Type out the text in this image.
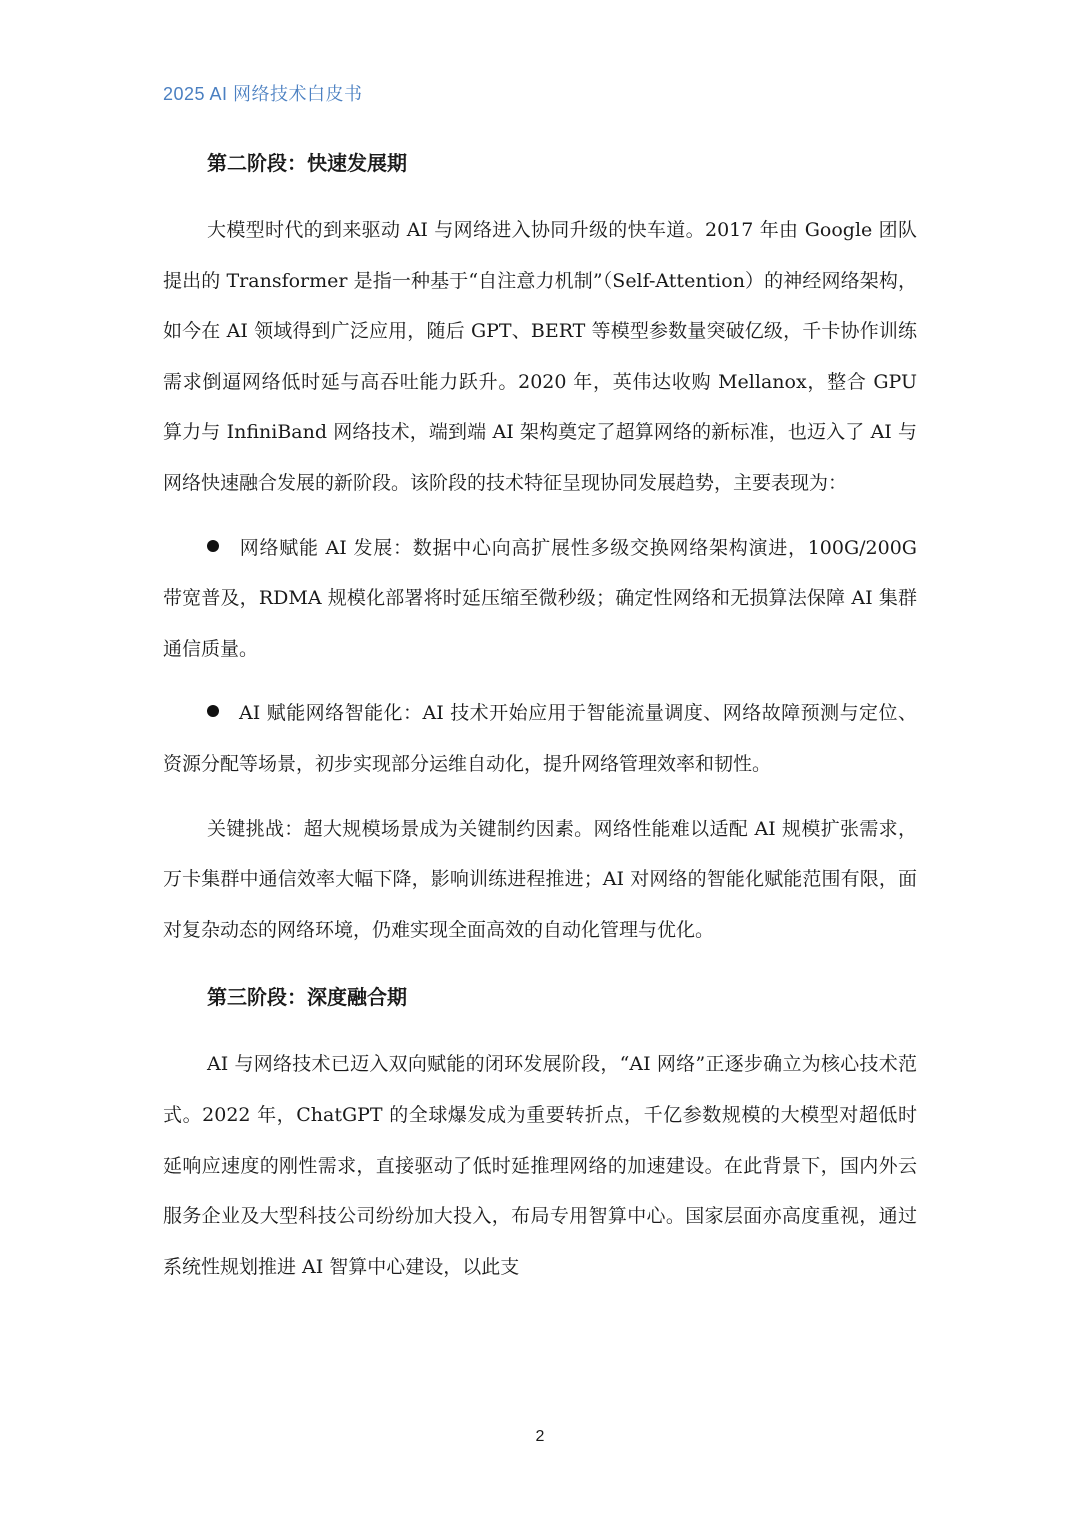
2025 AI 网络技术白皮书

第二阶段：快速发展期

大模型时代的到来驱动 AI 与网络进入协同升级的快车道。2017 年由 Google 团队提出的 Transformer 是指一种基于“自注意力机制”（Self-Attention）的神经网络架构，如今在 AI 领域得到广泛应用，随后 GPT、BERT 等模型参数量突破亿级，千卡协作训练需求倒逼网络低时延与高吞吐能力跃升。2020 年，英伟达收购 Mellanox，整合 GPU 算力与 InfiniBand 网络技术，端到端 AI 架构奠定了超算网络的新标准，也迈入了 AI 与网络快速融合发展的新阶段。该阶段的技术特征呈现协同发展趋势，主要表现为：

网络赋能 AI 发展：数据中心向高扩展性多级交换网络架构演进，100G/200G 带宽普及，RDMA 规模化部署将时延压缩至微秒级；确定性网络和无损算法保障 AI 集群通信质量。

AI 赋能网络智能化：AI 技术开始应用于智能流量调度、网络故障预测与定位、资源分配等场景，初步实现部分运维自动化，提升网络管理效率和韧性。

关键挑战：超大规模场景成为关键制约因素。网络性能难以适配 AI 规模扩张需求，万卡集群中通信效率大幅下降，影响训练进程推进；AI 对网络的智能化赋能范围有限，面对复杂动态的网络环境，仍难实现全面高效的自动化管理与优化。

第三阶段：深度融合期

AI 与网络技术已迈入双向赋能的闭环发展阶段，“AI 网络”正逐步确立为核心技术范式。2022 年，ChatGPT 的全球爆发成为重要转折点，千亿参数规模的大模型对超低时延响应速度的刚性需求，直接驱动了低时延推理网络的加速建设。在此背景下，国内外云服务企业及大型科技公司纷纷加大投入，布局专用智算中心。国家层面亦高度重视，通过系统性规划推进 AI 智算中心建设，以此支

2
